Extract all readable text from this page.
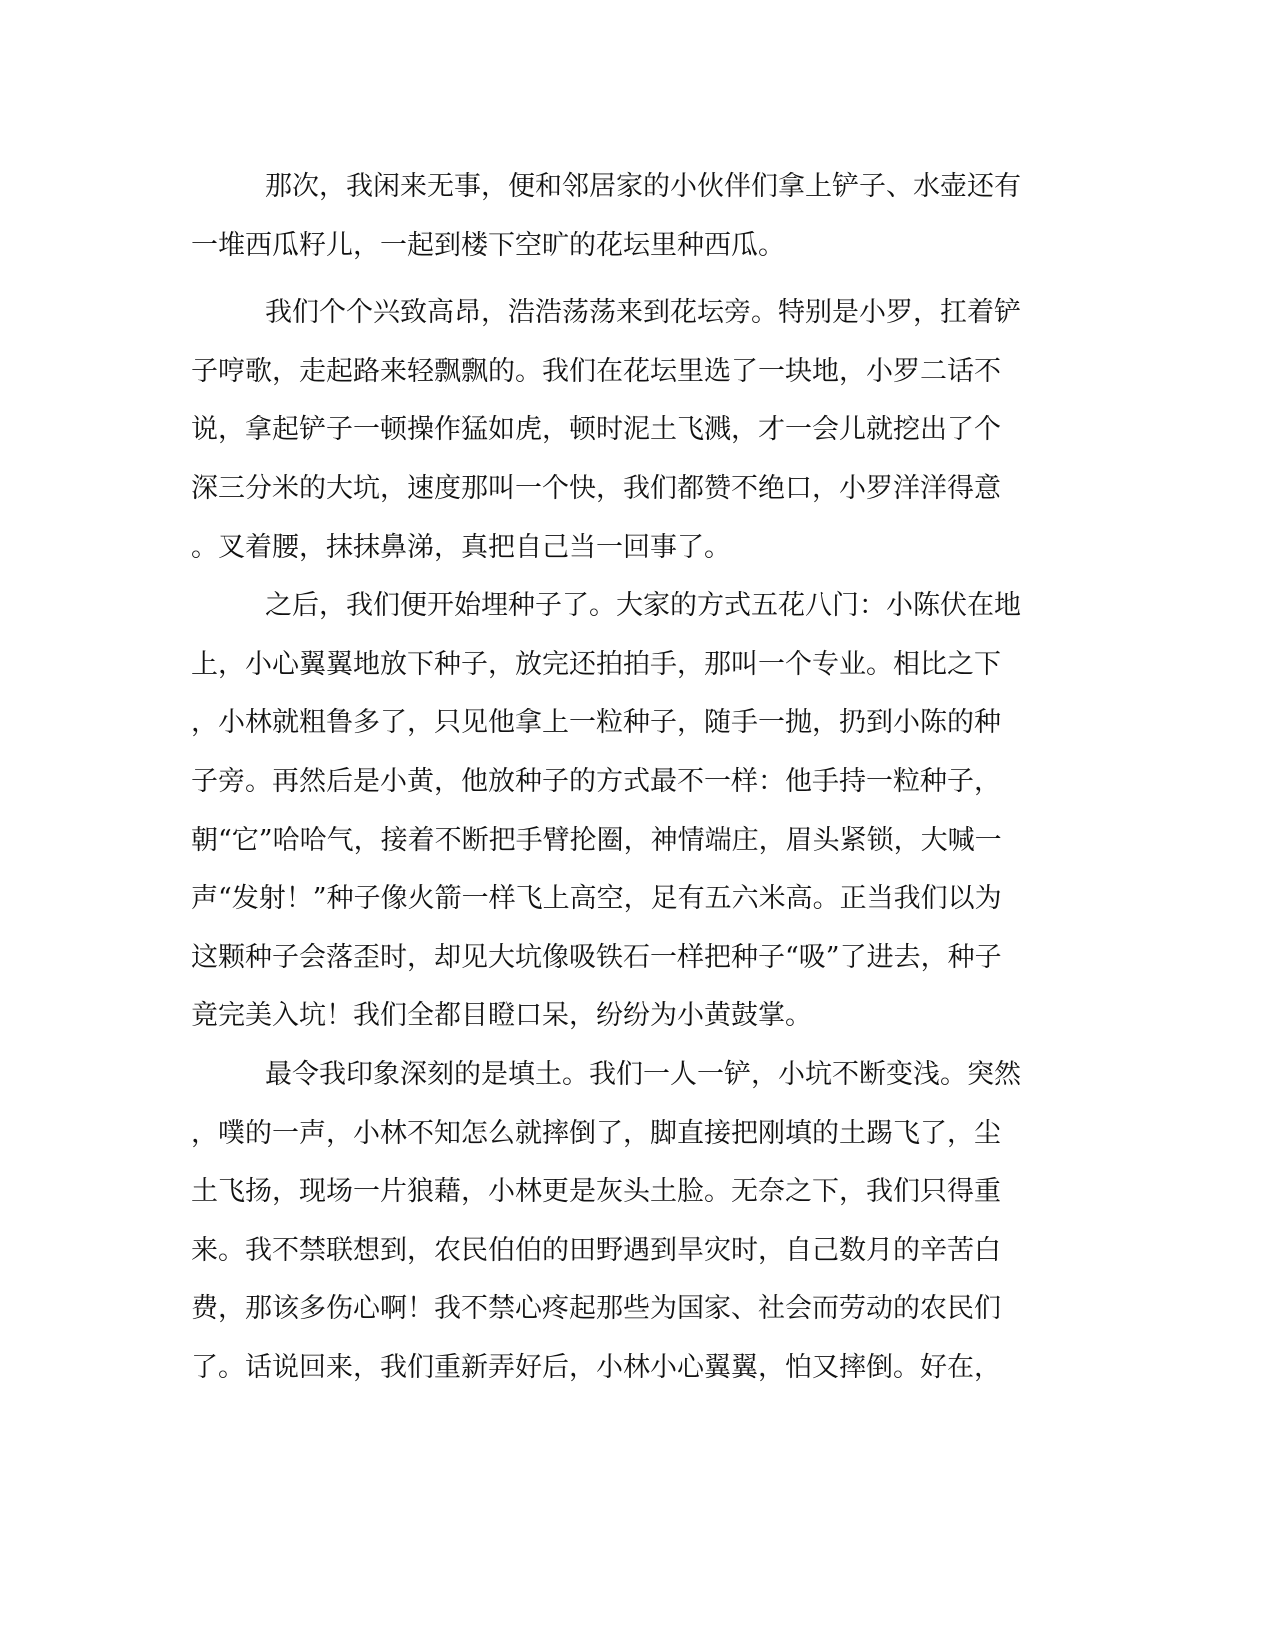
那次，我闲来无事，便和邻居家的小伙伴们拿上铲子、水壶还有
一堆西瓜籽儿，一起到楼下空旷的花坛里种西瓜。
我们个个兴致高昂，浩浩荡荡来到花坛旁。特别是小罗，扛着铲
子哼歌，走起路来轻飘飘的。我们在花坛里选了一块地，小罗二话不
说，拿起铲子一顿操作猛如虎，顿时泥土飞溅，才一会儿就挖出了个
深三分米的大坑，速度那叫一个快，我们都赞不绝口，小罗洋洋得意
。叉着腰，抹抹鼻涕，真把自己当一回事了。
之后，我们便开始埋种子了。大家的方式五花八门：小陈伏在地
上，小心翼翼地放下种子，放完还拍拍手，那叫一个专业。相比之下
，小林就粗鲁多了，只见他拿上一粒种子，随手一抛，扔到小陈的种
子旁。再然后是小黄，他放种子的方式最不一样：他手持一粒种子，
朝“它”哈哈气，接着不断把手臂抡圈，神情端庄，眉头紧锁，大喊一
声“发射！”种子像火箭一样飞上高空，足有五六米高。正当我们以为
这颗种子会落歪时，却见大坑像吸铁石一样把种子“吸”了进去，种子
竟完美入坑！我们全都目瞪口呆，纷纷为小黄鼓掌。
最令我印象深刻的是填土。我们一人一铲，小坑不断变浅。突然
，噗的一声，小林不知怎么就摔倒了，脚直接把刚填的土踢飞了，尘
土飞扬，现场一片狼藉，小林更是灰头土脸。无奈之下，我们只得重
来。我不禁联想到，农民伯伯的田野遇到旱灾时，自己数月的辛苦白
费，那该多伤心啊！我不禁心疼起那些为国家、社会而劳动的农民们
了。话说回来，我们重新弄好后，小林小心翼翼，怕又摔倒。好在，
